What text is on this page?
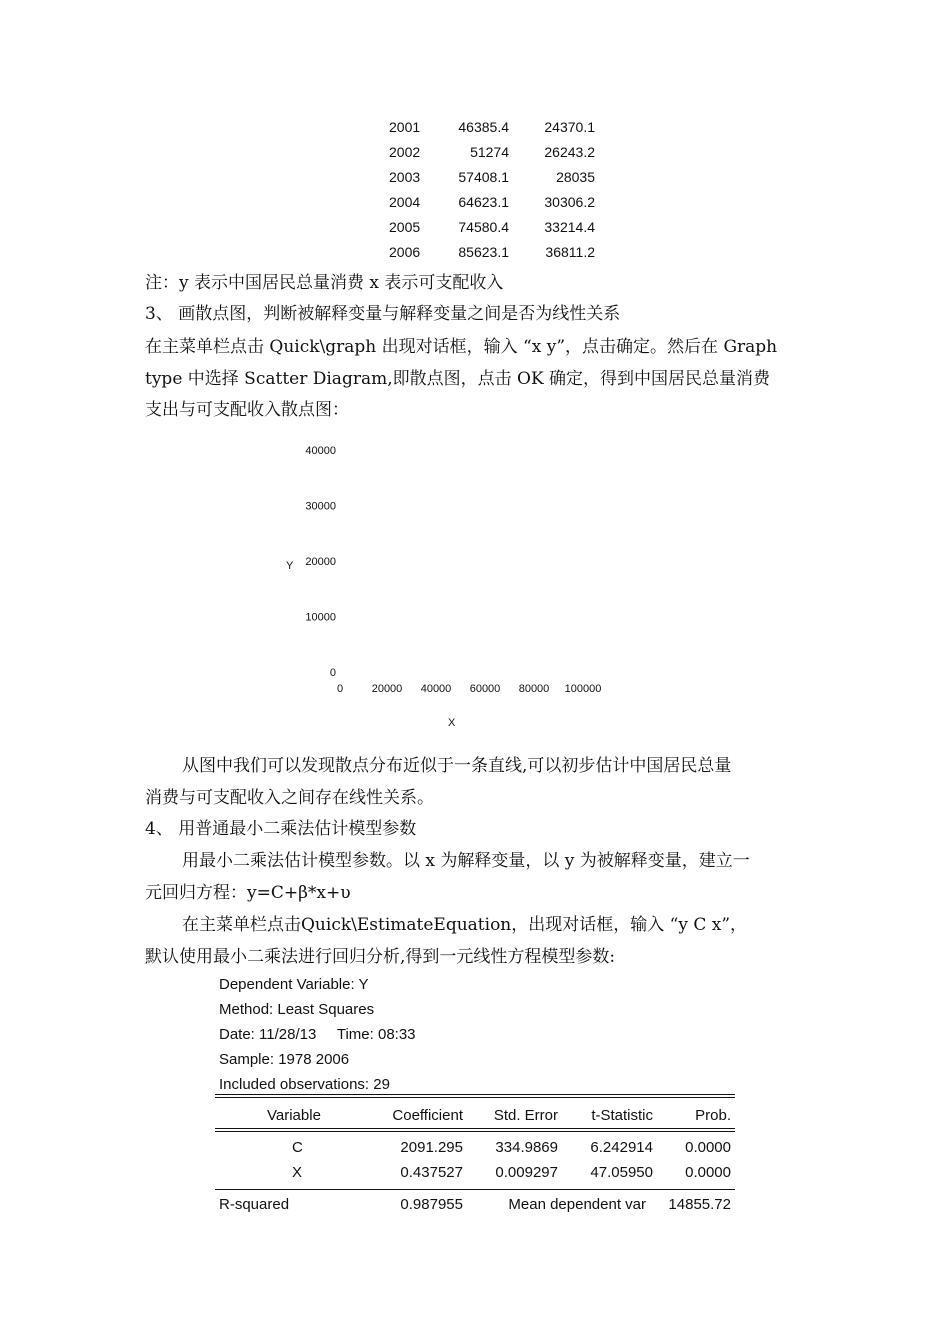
2001	46385.4	24370.1
2002	51274	26243.2
2003	57408.1	28035
2004	64623.1	30306.2
2005	74580.4	33214.4
2006	85623.1	36811.2
注：y 表示中国居民总量消费 x 表示可支配收入
3、 画散点图，判断被解释变量与解释变量之间是否为线性关系
在主菜单栏点击 Quick\graph 出现对话框，输入 “x y”，点击确定。然后在 Graph
type 中选择 Scatter Diagram,即散点图，点击 OK 确定，得到中国居民总量消费
支出与可支配收入散点图：
40000
30000
20000
10000
0
0	20000 40000 60000 80000 100000
Y
X
从图中我们可以发现散点分布近似于一条直线,可以初步估计中国居民总量
消费与可支配收入之间存在线性关系。
4、 用普通最小二乘法估计模型参数
用最小二乘法估计模型参数。以 x 为解释变量，以 y 为被解释变量，建立一
元回归方程：y=C+β*x+υ
在主菜单栏点击Quick\EstimateEquation，出现对话框，输入 “y C x”，
默认使用最小二乘法进行回归分析,得到一元线性方程模型参数:
Dependent Variable: Y
Method: Least Squares
Date: 11/28/13     Time: 08:33
Sample: 1978 2006
Included observations: 29
Variable	Coefficient Std. Error t-Statistic	Prob.
C	2091.295 334.9869 6.242914 0.0000
X	0.437527 0.009297 47.05950 0.0000
R-squared	0.987955	Mean dependent var 14855.72
